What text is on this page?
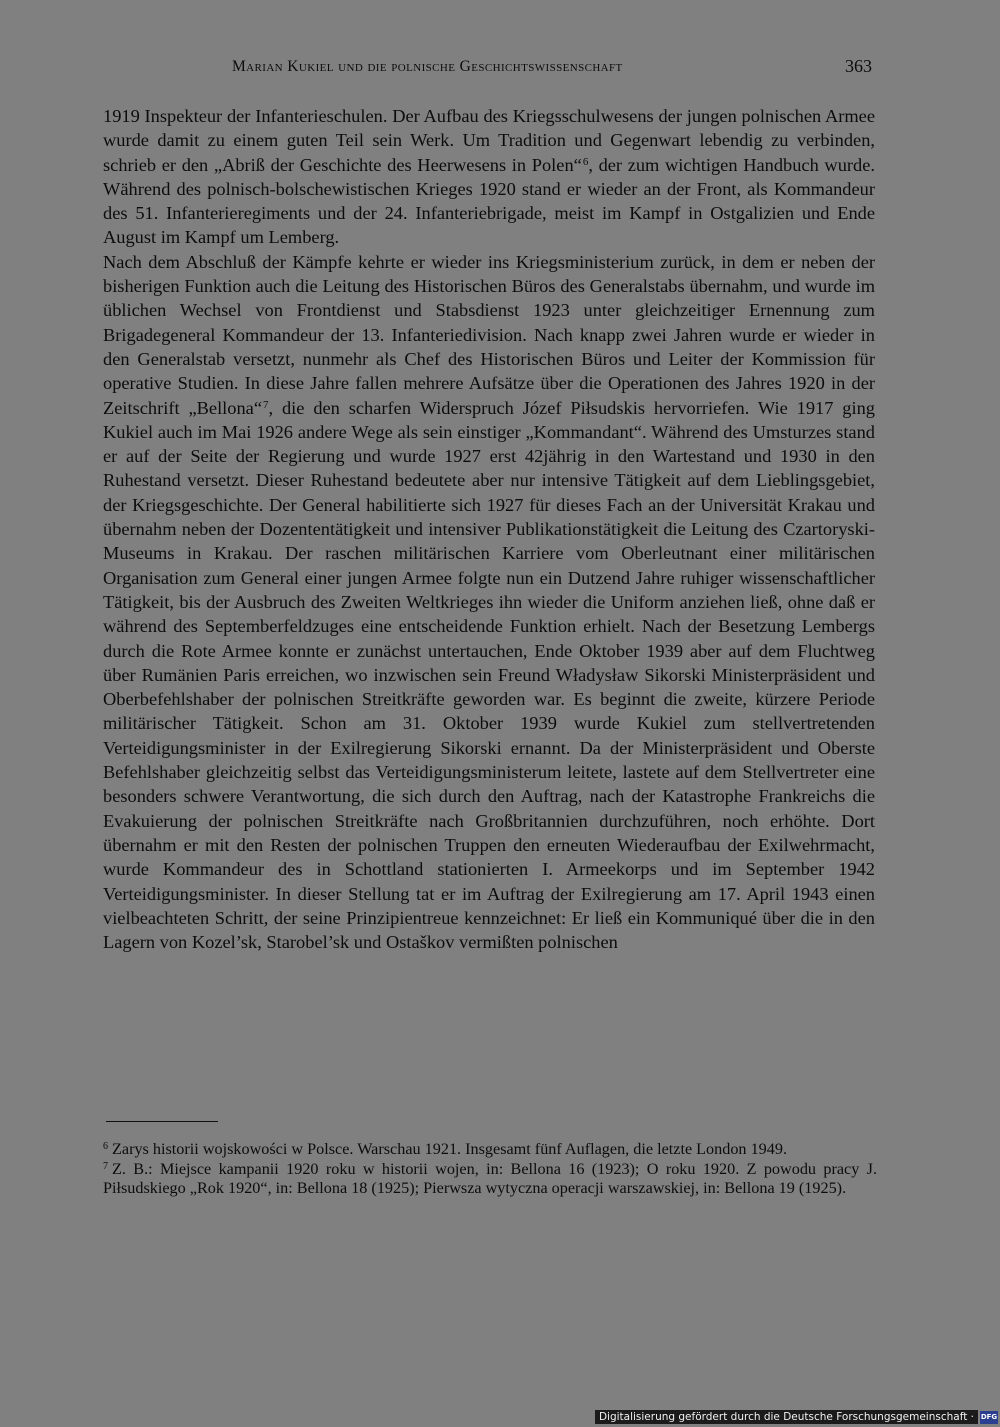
Marian Kukiel und die polnische Geschichtswissenschaft	363

1919 Inspekteur der Infanterieschulen. Der Aufbau des Kriegsschulwesens der jungen polnischen Armee wurde damit zu einem guten Teil sein Werk. Um Tradition und Gegenwart lebendig zu verbinden, schrieb er den „Abriß der Geschichte des Heerwesens in Polen“$^6$, der zum wichtigen Handbuch wurde. Während des polnisch-bolschewistischen Krieges 1920 stand er wieder an der Front, als Kommandeur des 51. Infanterieregiments und der 24. Infanteriebrigade, meist im Kampf in Ostgalizien und Ende August im Kampf um Lemberg.

Nach dem Abschluß der Kämpfe kehrte er wieder ins Kriegsministerium zurück, in dem er neben der bisherigen Funktion auch die Leitung des Historischen Büros des Generalstabs übernahm, und wurde im üblichen Wechsel von Frontdienst und Stabsdienst 1923 unter gleichzeitiger Ernennung zum Brigadegeneral Kommandeur der 13. Infanteriedivision. Nach knapp zwei Jahren wurde er wieder in den Generalstab versetzt, nunmehr als Chef des Historischen Büros und Leiter der Kommission für operative Studien. In diese Jahre fallen mehrere Aufsätze über die Operationen des Jahres 1920 in der Zeitschrift „Bellona“$^7$, die den scharfen Widerspruch Józef Piłsudskis hervorriefen. Wie 1917 ging Kukiel auch im Mai 1926 andere Wege als sein einstiger „Kommandant“. Während des Umsturzes stand er auf der Seite der Regierung und wurde 1927 erst 42jährig in den Wartestand und 1930 in den Ruhestand versetzt. Dieser Ruhestand bedeutete aber nur intensive Tätigkeit auf dem Lieblingsgebiet, der Kriegsgeschichte. Der General habilitierte sich 1927 für dieses Fach an der Universität Krakau und übernahm neben der Dozententätigkeit und intensiver Publikationstätigkeit die Leitung des Czartoryski-Museums in Krakau. Der raschen militärischen Karriere vom Oberleutnant einer militärischen Organisation zum General einer jungen Armee folgte nun ein Dutzend Jahre ruhiger wissenschaftlicher Tätigkeit, bis der Ausbruch des Zweiten Weltkrieges ihn wieder die Uniform anziehen ließ, ohne daß er während des Septemberfeldzuges eine entscheidende Funktion erhielt. Nach der Besetzung Lembergs durch die Rote Armee konnte er zunächst untertauchen, Ende Oktober 1939 aber auf dem Fluchtweg über Rumänien Paris erreichen, wo inzwischen sein Freund Władysław Sikorski Ministerpräsident und Oberbefehlshaber der polnischen Streitkräfte geworden war. Es beginnt die zweite, kürzere Periode militärischer Tätigkeit. Schon am 31. Oktober 1939 wurde Kukiel zum stellvertretenden Verteidigungsminister in der Exilregierung Sikorski ernannt. Da der Ministerpräsident und Oberste Befehlshaber gleichzeitig selbst das Verteidigungsministerum leitete, lastete auf dem Stellvertreter eine besonders schwere Verantwortung, die sich durch den Auftrag, nach der Katastrophe Frankreichs die Evakuierung der polnischen Streitkräfte nach Großbritannien durchzuführen, noch erhöhte. Dort übernahm er mit den Resten der polnischen Truppen den erneuten Wiederaufbau der Exilwehrmacht, wurde Kommandeur des in Schottland stationierten I. Armeekorps und im September 1942 Verteidigungsminister. In dieser Stellung tat er im Auftrag der Exilregierung am 17. April 1943 einen vielbeachteten Schritt, der seine Prinzipientreue kennzeichnet: Er ließ ein Kommuniqué über die in den Lagern von Kozel’sk, Starobel’sk und Ostaškov vermißten polnischen

$^6$ Zarys historii wojskowości w Polsce. Warschau 1921. Insgesamt fünf Auflagen, die letzte London 1949.

$^7$ Z. B.: Miejsce kampanii 1920 roku w historii wojen, in: Bellona 16 (1923); O roku 1920. Z powodu pracy J. Piłsudskiego „Rok 1920“, in: Bellona 18 (1925); Pierwsza wytyczna operacji warszawskiej, in: Bellona 19 (1925).

Digitalisierung gefördert durch die Deutsche Forschungsgemeinschaft · DFG
